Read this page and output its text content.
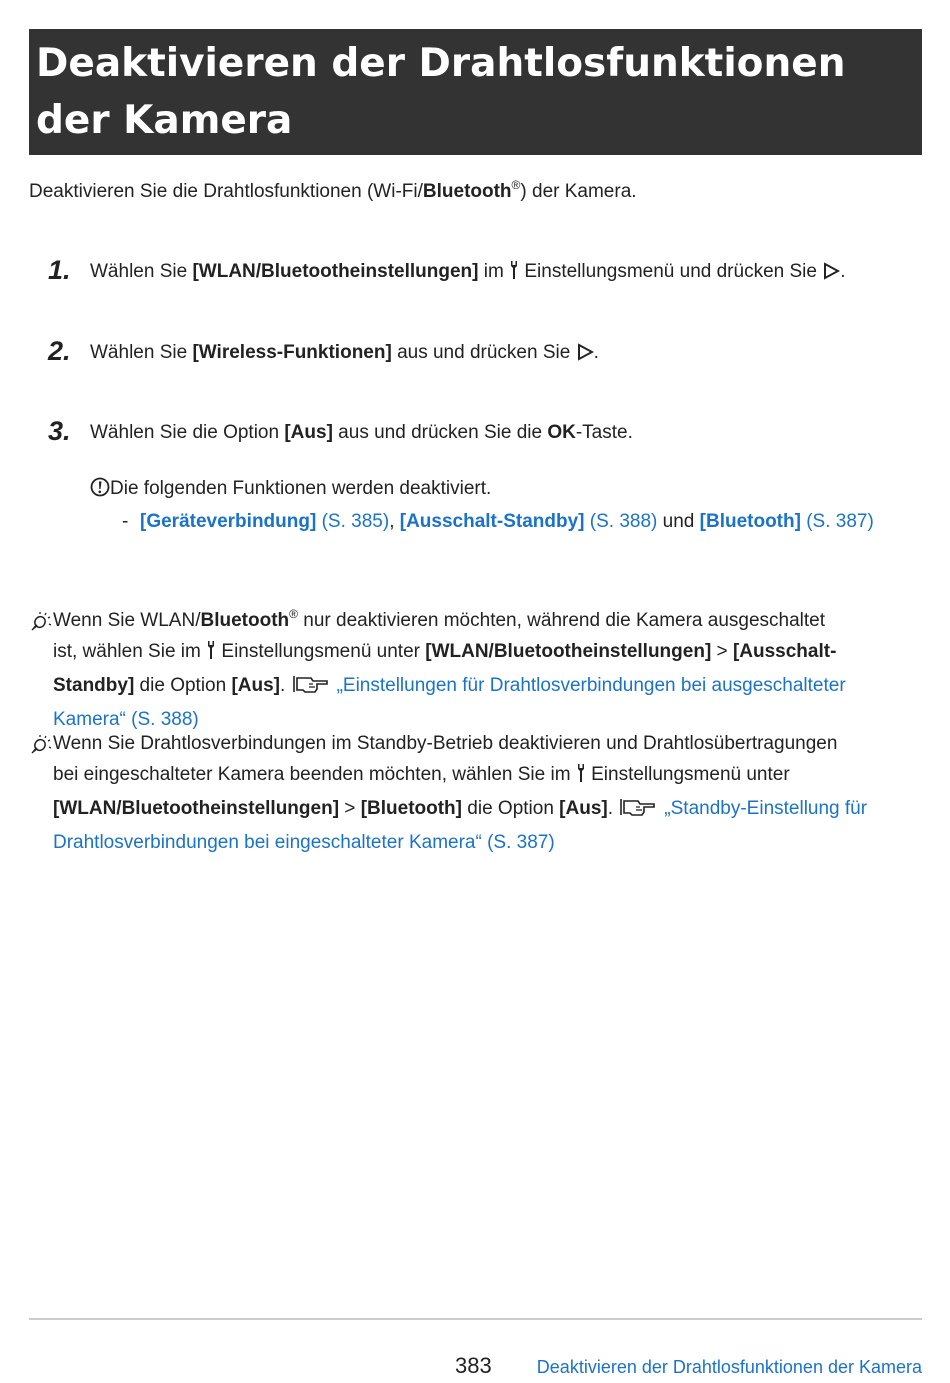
Deaktivieren der Drahtlosfunktionen der Kamera
Deaktivieren Sie die Drahtlosfunktionen (Wi-Fi/Bluetooth®) der Kamera.
1. Wählen Sie [WLAN/Bluetootheinstellungen] im  Einstellungsmenü und drücken Sie .
2. Wählen Sie [Wireless-Funktionen] aus und drücken Sie .
3. Wählen Sie die Option [Aus] aus und drücken Sie die OK-Taste.
Die folgenden Funktionen werden deaktiviert.
- [Geräteverbindung] (S. 385), [Ausschalt-Standby] (S. 388) und [Bluetooth] (S. 387)
Wenn Sie WLAN/Bluetooth® nur deaktivieren möchten, während die Kamera ausgeschaltet
ist, wählen Sie im  Einstellungsmenü unter [WLAN/Bluetootheinstellungen] > [Ausschalt-
Standby] die Option [Aus]. „Einstellungen für Drahtlosverbindungen bei ausgeschalteter
Kamera“ (S. 388)
Wenn Sie Drahtlosverbindungen im Standby-Betrieb deaktivieren und Drahtlosübertragungen
bei eingeschalteter Kamera beenden möchten, wählen Sie im  Einstellungsmenü unter
[WLAN/Bluetootheinstellungen] > [Bluetooth] die Option [Aus]. „Standby-Einstellung für
Drahtlosverbindungen bei eingeschalteter Kamera“ (S. 387)
383	Deaktivieren der Drahtlosfunktionen der Kamera
